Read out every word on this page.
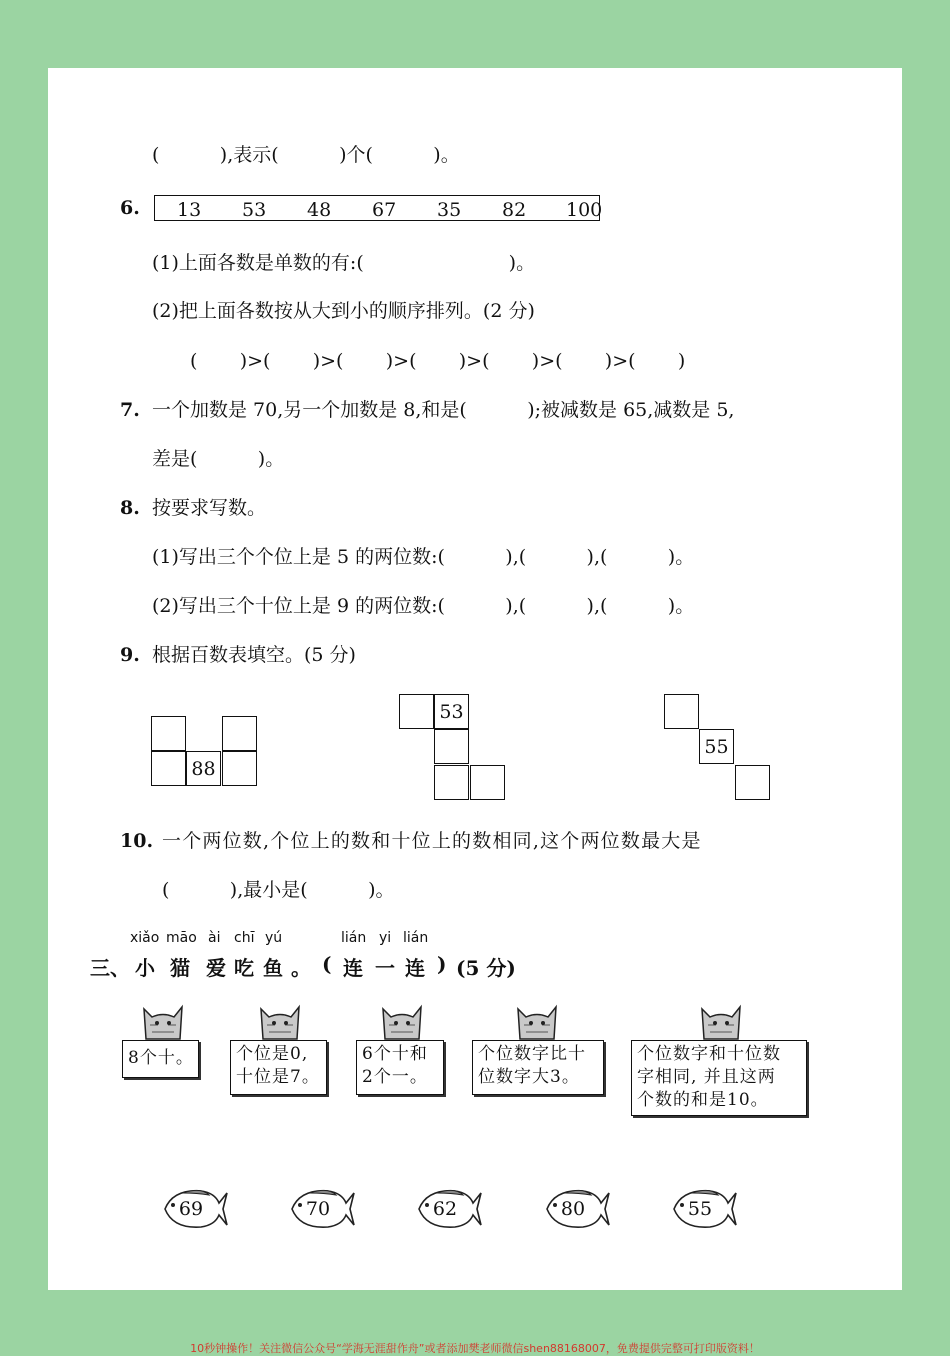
(          ),表示(          )个(          )。
6. 13 53 48 67 35 82 100
(1)上面各数是单数的有:(                        )。
(2)把上面各数按从大到小的顺序排列。(2 分)
(       )>(       )>(       )>(       )>(       )>(       )>(       )
7. 一个加数是 70,另一个加数是 8,和是(          );被减数是 65,减数是 5,
差是(          )。
8. 按要求写数。
(1)写出三个个位上是 5 的两位数:(          ),(          ),(          )。
(2)写出三个十位上是 9 的两位数:(          ),(          ),(          )。
9. 根据百数表填空。(5 分)
88
53
55
10. 一个两位数,个位上的数和十位上的数相同,这个两位数最大是
(          ),最小是(          )。
三、
xiǎo
小
māo
猫
ài
爱
chī
吃
yú
鱼 。 (
lián
连
yi
一
lián
连 ) (5 分)
8个十。	个位是0,
十位是7。
6个十和
2个一。
个位数字比十
位数字大3。
个位数字和十位数
字相同, 并且这两
个数的和是10。
69	70	62	80	55
10秒钟操作！关注微信公众号“学海无涯甜作舟”或者添加樊老师微信shen88168007，免费提供完整可打印版资料！
